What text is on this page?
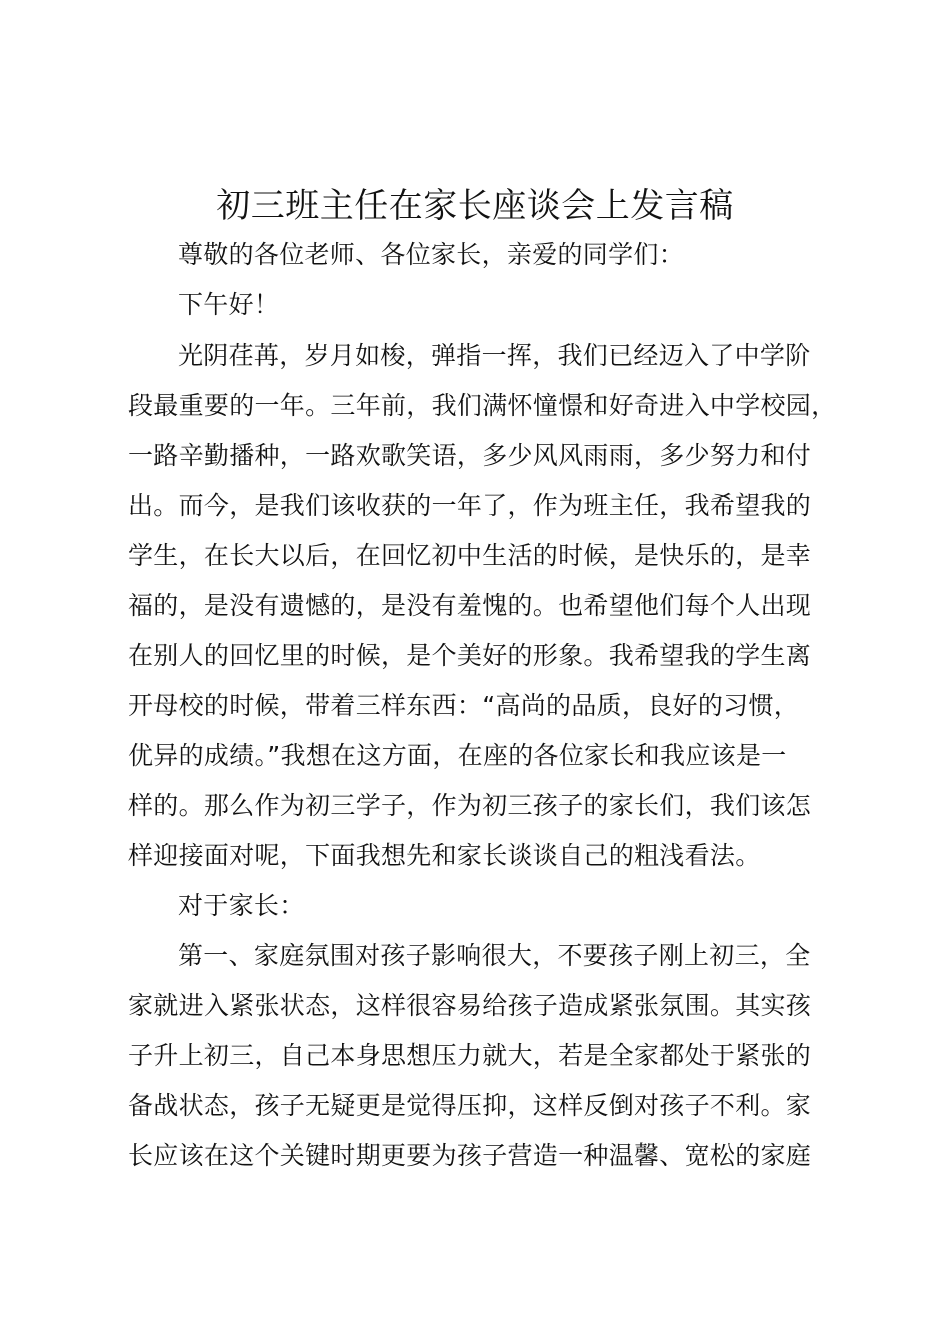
初三班主任在家长座谈会上发言稿
尊敬的各位老师、各位家长，亲爱的同学们：
下午好！
光阴荏苒，岁月如梭，弹指一挥，我们已经迈入了中学阶
段最重要的一年。三年前，我们满怀憧憬和好奇进入中学校园，
一路辛勤播种，一路欢歌笑语，多少风风雨雨，多少努力和付
出。而今，是我们该收获的一年了，作为班主任，我希望我的
学生，在长大以后，在回忆初中生活的时候，是快乐的，是幸
福的，是没有遗憾的，是没有羞愧的。也希望他们每个人出现
在别人的回忆里的时候，是个美好的形象。我希望我的学生离
开母校的时候，带着三样东西：“高尚的品质，良好的习惯，
优异的成绩。”我想在这方面，在座的各位家长和我应该是一
样的。那么作为初三学子，作为初三孩子的家长们，我们该怎
样迎接面对呢，下面我想先和家长谈谈自己的粗浅看法。
对于家长：
第一、家庭氛围对孩子影响很大，不要孩子刚上初三，全
家就进入紧张状态，这样很容易给孩子造成紧张氛围。其实孩
子升上初三，自己本身思想压力就大，若是全家都处于紧张的
备战状态，孩子无疑更是觉得压抑，这样反倒对孩子不利。家
长应该在这个关键时期更要为孩子营造一种温馨、宽松的家庭
